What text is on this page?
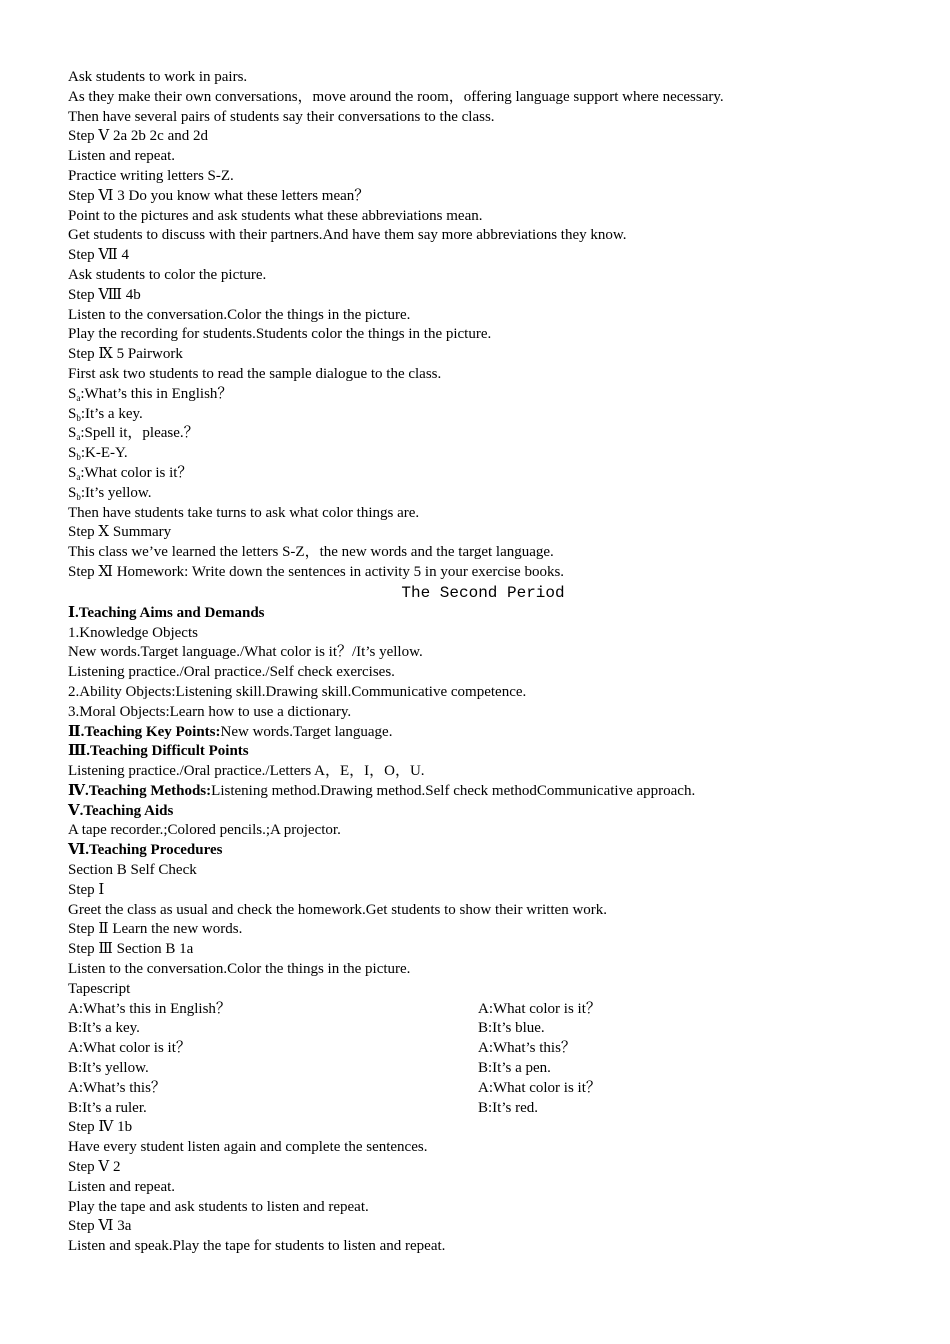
Ask students to work in pairs.
As they make their own conversations，move around the room，offering language support where necessary.
Then have several pairs of students say their conversations to the class.
Step Ⅴ 2a 2b 2c and 2d
Listen and repeat.
Practice writing letters S-Z.
Step Ⅵ 3 Do you know what these letters mean？
Point to the pictures and ask students what these abbreviations mean.
Get students to discuss with their partners.And have them say more abbreviations they know.
Step Ⅶ 4
Ask students to color the picture.
Step Ⅷ 4b
Listen to the conversation.Color the things in the picture.
Play the recording for students.Students color the things in the picture.
Step Ⅸ 5 Pairwork
First ask two students to read the sample dialogue to the class.
$S_a:What’s$ this in English？
$S_b:It’s$ a key.
$S_a:Spell$ it，please.？
$S_b:K-E-Y$.
$S_a:What$ color is it？
$S_b:It’s$ yellow.
Then have students take turns to ask what color things are.
Step Ⅹ Summary
This class we’ve learned the letters S-Z，the new words and the target language.
Step Ⅺ Homework: Write down the sentences in activity 5 in your exercise books.
The Second Period
Ⅰ.Teaching Aims and Demands
1.Knowledge Objects
New words.Target language./What color is it？/It’s yellow.
Listening practice./Oral practice./Self check exercises.
2.Ability Objects:Listening skill.Drawing skill.Communicative competence.
3.Moral Objects:Learn how to use a dictionary.
Ⅱ.Teaching Key Points:New words.Target language.
Ⅲ.Teaching Difficult Points
Listening practice./Oral practice./Letters A，E，I，O，U.
Ⅳ.Teaching Methods:Listening method.Drawing method.Self check methodCommunicative approach.
Ⅴ.Teaching Aids
A tape recorder.;Colored pencils.;A projector.
Ⅵ.Teaching Procedures
Section B Self Check
Step Ⅰ
Greet the class as usual and check the homework.Get students to show their written work.
Step Ⅱ Learn the new words.
Step Ⅲ Section B 1a
Listen to the conversation.Color the things in the picture.
Tapescript
A:What’s this in English？
B:It’s a key.
A:What color is it？
B:It’s yellow.
A:What’s this？
B:It’s a ruler.
A:What color is it？
B:It’s blue.
A:What’s this？
B:It’s a pen.
A:What color is it？
B:It’s red.
Step Ⅳ 1b
Have every student listen again and complete the sentences.
Step Ⅴ 2
Listen and repeat.
Play the tape and ask students to listen and repeat.
Step Ⅵ 3a
Listen and speak.Play the tape for students to listen and repeat.
